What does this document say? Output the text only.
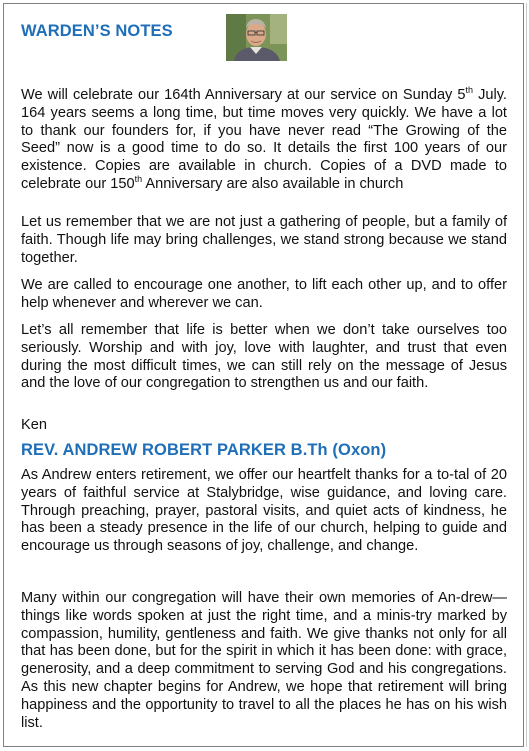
WARDEN’S NOTES

We will celebrate our 164th Anniversary at our service on Sunday 5th July. 164 years seems a long time, but time moves very quickly. We have a lot to thank our founders for, if you have never read “The Growing of the Seed” now is a good time to do so. It details the first 100 years of our existence. Copies are available in church. Copies of a DVD made to celebrate our 150th Anniversary are also available in church

Let us remember that we are not just a gathering of people, but a family of faith. Though life may bring challenges, we stand strong because we stand together.

We are called to encourage one another, to lift each other up, and to offer help whenever and wherever we can.

Let’s all remember that life is better when we don’t take ourselves too seriously. Worship and with joy, love with laughter, and trust that even during the most difficult times, we can still rely on the message of Jesus and the love of our congregation to strengthen us and our faith.

Ken
REV. ANDREW ROBERT PARKER B.Th (Oxon)

As Andrew enters retirement, we offer our heartfelt thanks for a to-tal of 20 years of faithful service at Stalybridge, wise guidance, and loving care. Through preaching, prayer, pastoral visits, and quiet acts of kindness, he has been a steady presence in the life of our church, helping to guide and encourage us through seasons of joy, challenge, and change.

Many within our congregation will have their own memories of An-drew—things like words spoken at just the right time, and a minis-try marked by compassion, humility, gentleness and faith. We give thanks not only for all that has been done, but for the spirit in which it has been done: with grace, generosity, and a deep commitment to serving God and his congregations. As this new chapter begins for Andrew, we hope that retirement will bring happiness and the opportunity to travel to all the places he has on his wish list.
